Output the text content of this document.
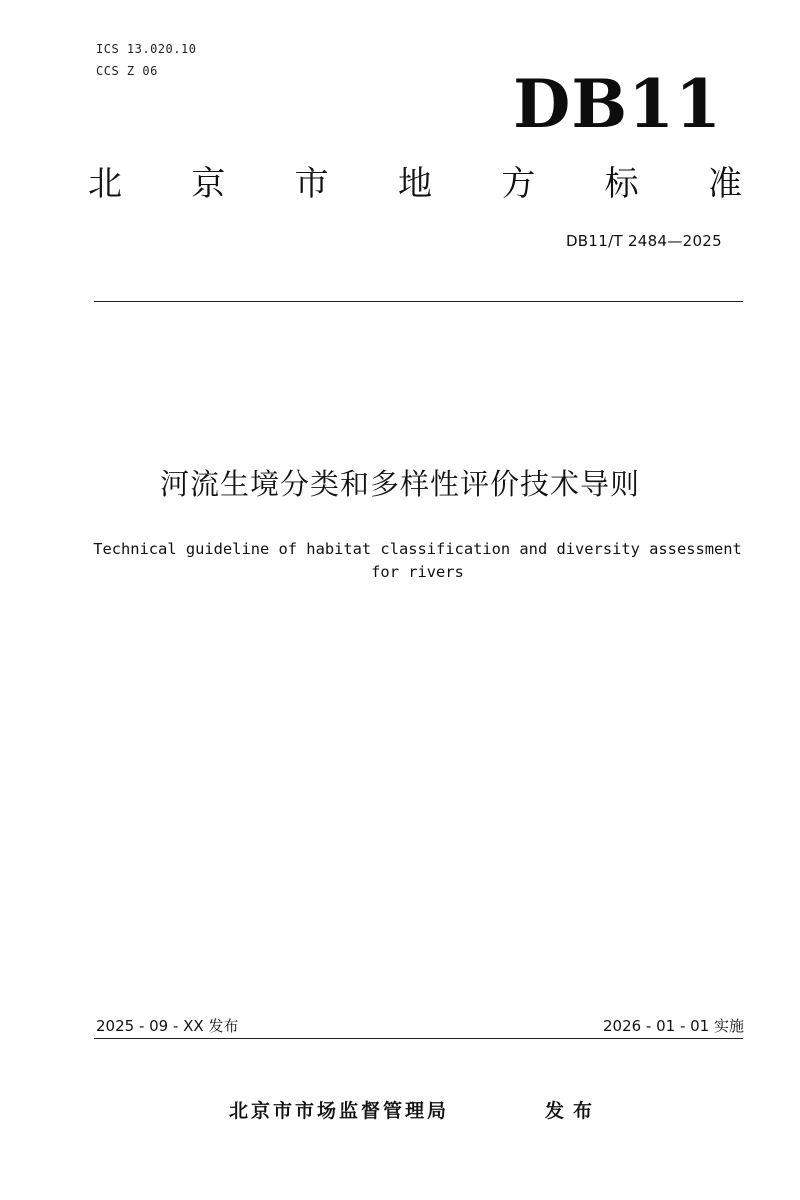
ICS 13.020.10
CCS Z 06	DB11
北 京 市 地 方 标 准
DB11/T 2484—2025
河流生境分类和多样性评价技术导则
Technical guideline of habitat classification and diversity assessment
for rivers
2025 - 09 - XX 发布	2026 - 01 - 01 实施
北京市市场监督管理局	发布
